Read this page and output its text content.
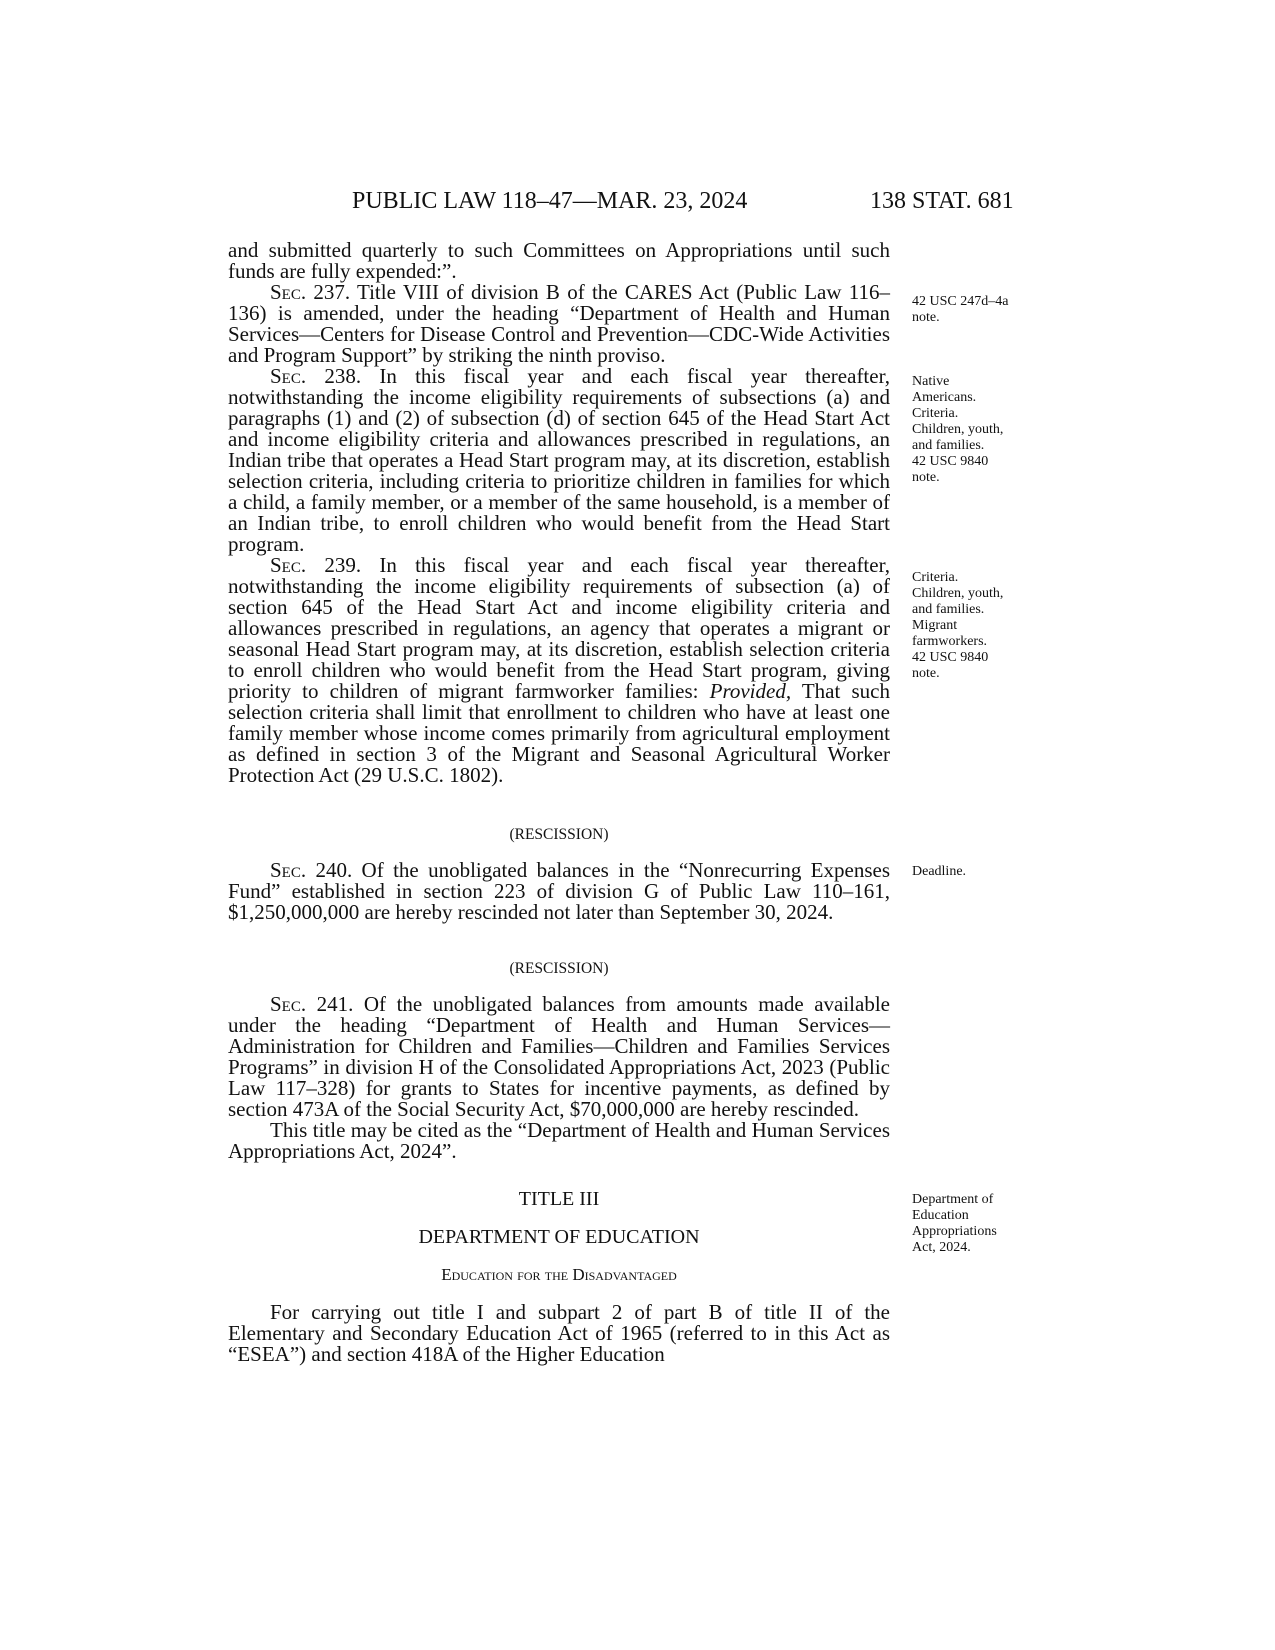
PUBLIC LAW 118–47—MAR. 23, 2024	138 STAT. 681

and submitted quarterly to such Committees on Appropriations until such funds are fully expended:”.

Sec. 237. Title VIII of division B of the CARES Act (Public Law 116–136) is amended, under the heading “Department of Health and Human Services—Centers for Disease Control and Prevention—CDC-Wide Activities and Program Support” by striking the ninth proviso.

Sec. 238. In this fiscal year and each fiscal year thereafter, notwithstanding the income eligibility requirements of subsections (a) and paragraphs (1) and (2) of subsection (d) of section 645 of the Head Start Act and income eligibility criteria and allowances prescribed in regulations, an Indian tribe that operates a Head Start program may, at its discretion, establish selection criteria, including criteria to prioritize children in families for which a child, a family member, or a member of the same household, is a member of an Indian tribe, to enroll children who would benefit from the Head Start program.

Sec. 239. In this fiscal year and each fiscal year thereafter, notwithstanding the income eligibility requirements of subsection (a) of section 645 of the Head Start Act and income eligibility criteria and allowances prescribed in regulations, an agency that operates a migrant or seasonal Head Start program may, at its discretion, establish selection criteria to enroll children who would benefit from the Head Start program, giving priority to children of migrant farmworker families: Provided, That such selection criteria shall limit that enrollment to children who have at least one family member whose income comes primarily from agricultural employment as defined in section 3 of the Migrant and Seasonal Agricultural Worker Protection Act (29 U.S.C. 1802).

(RESCISSION)

Sec. 240. Of the unobligated balances in the “Nonrecurring Expenses Fund” established in section 223 of division G of Public Law 110–161, $1,250,000,000 are hereby rescinded not later than September 30, 2024.

(RESCISSION)

Sec. 241. Of the unobligated balances from amounts made available under the heading “Department of Health and Human Services—Administration for Children and Families—Children and Families Services Programs” in division H of the Consolidated Appropriations Act, 2023 (Public Law 117–328) for grants to States for incentive payments, as defined by section 473A of the Social Security Act, $70,000,000 are hereby rescinded.

This title may be cited as the “Department of Health and Human Services Appropriations Act, 2024”.

TITLE III
DEPARTMENT OF EDUCATION
Education for the Disadvantaged

For carrying out title I and subpart 2 of part B of title II of the Elementary and Secondary Education Act of 1965 (referred to in this Act as “ESEA”) and section 418A of the Higher Education

42 USC 247d–4a
note.
Native
Americans.
Criteria.
Children, youth,
and families.
42 USC 9840
note.
Criteria.
Children, youth,
and families.
Migrant
farmworkers.
42 USC 9840
note.
Deadline.
Department of
Education
Appropriations
Act, 2024.
